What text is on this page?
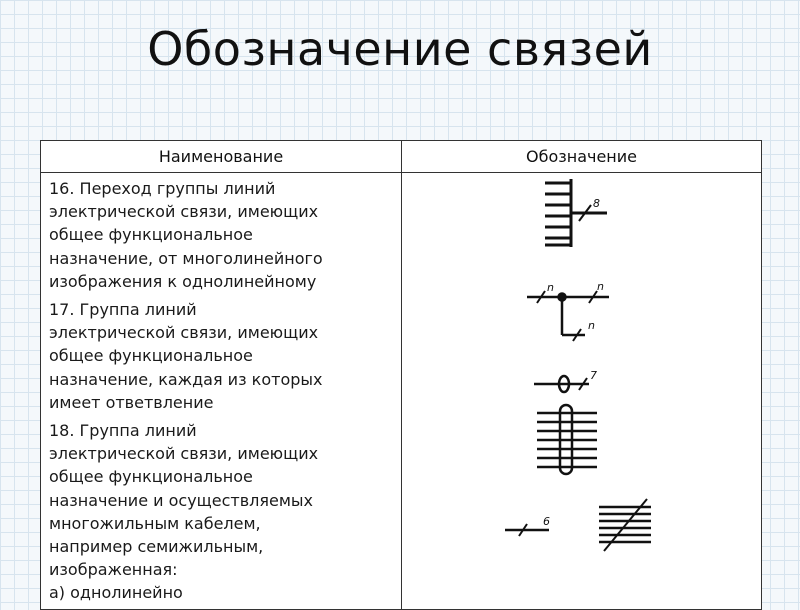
Обозначение связей
Наименование	Обозначение
16. Переход группы линий
электрической связи, имеющих
общее функциональное
назначение, от многолинейного
изображения к однолинейному
17. Группа линий
электрической связи, имеющих
общее функциональное
назначение, каждая из которых
имеет ответвление
18. Группа линий
электрической связи, имеющих
общее функциональное
назначение и осуществляемых
многожильным кабелем,
например семижильным,
изображенная:
а) однолинейно
8
n	n
n
7
6
